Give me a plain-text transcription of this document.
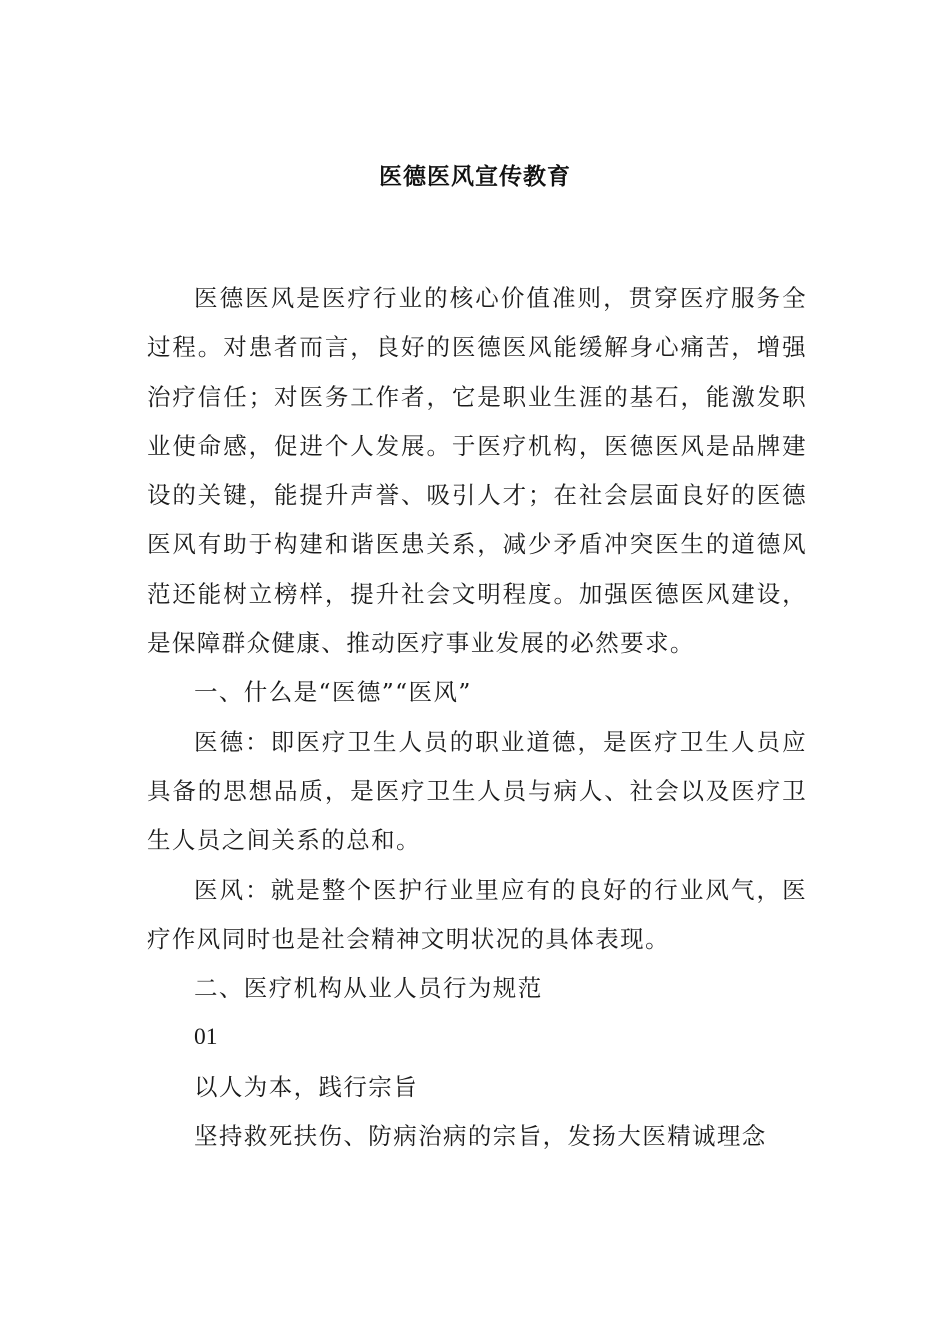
医德医风宣传教育

医德医风是医疗行业的核心价值准则，贯穿医疗服务全过程。对患者而言，良好的医德医风能缓解身心痛苦，增强治疗信任；对医务工作者，它是职业生涯的基石，能激发职业使命感，促进个人发展。于医疗机构，医德医风是品牌建设的关键，能提升声誉、吸引人才；在社会层面良好的医德医风有助于构建和谐医患关系，减少矛盾冲突医生的道德风范还能树立榜样，提升社会文明程度。加强医德医风建设，是保障群众健康、推动医疗事业发展的必然要求。

一、什么是“医德”“医风”

医德：即医疗卫生人员的职业道德，是医疗卫生人员应具备的思想品质，是医疗卫生人员与病人、社会以及医疗卫生人员之间关系的总和。

医风：就是整个医护行业里应有的良好的行业风气，医疗作风同时也是社会精神文明状况的具体表现。

二、医疗机构从业人员行为规范

01

以人为本，践行宗旨

坚持救死扶伤、防病治病的宗旨，发扬大医精诚理念
